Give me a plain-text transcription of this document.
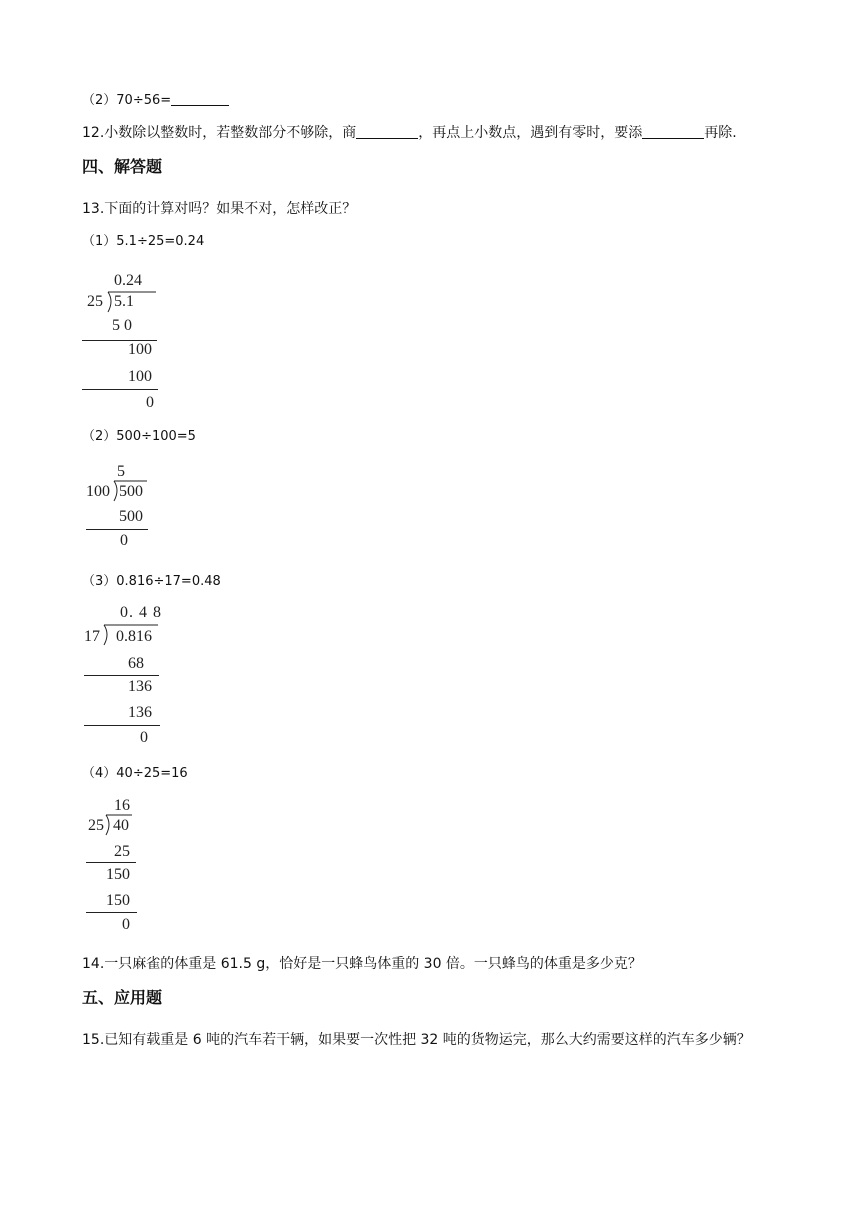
（2）70÷56=
12.小数除以整数时，若整数部分不够除，商	，再点上小数点，遇到有零时，要添	再除.
四、解答题
13.下面的计算对吗？如果不对，怎样改正？
（1）5.1÷25=0.24
0.24
25 5.1
5 0
100
100
0
（2）500÷100=5
5
100 500
500
0
（3）0.816÷17=0.48
0. 4 8
17 0.816
68
136
136
0
（4）40÷25=16
16
25 40
25
150
150
0
14.一只麻雀的体重是 61.5 g，恰好是一只蜂鸟体重的 30 倍。一只蜂鸟的体重是多少克？
五、应用题
15.已知有载重是 6 吨的汽车若干辆，如果要一次性把 32 吨的货物运完，那么大约需要这样的汽车多少辆？
